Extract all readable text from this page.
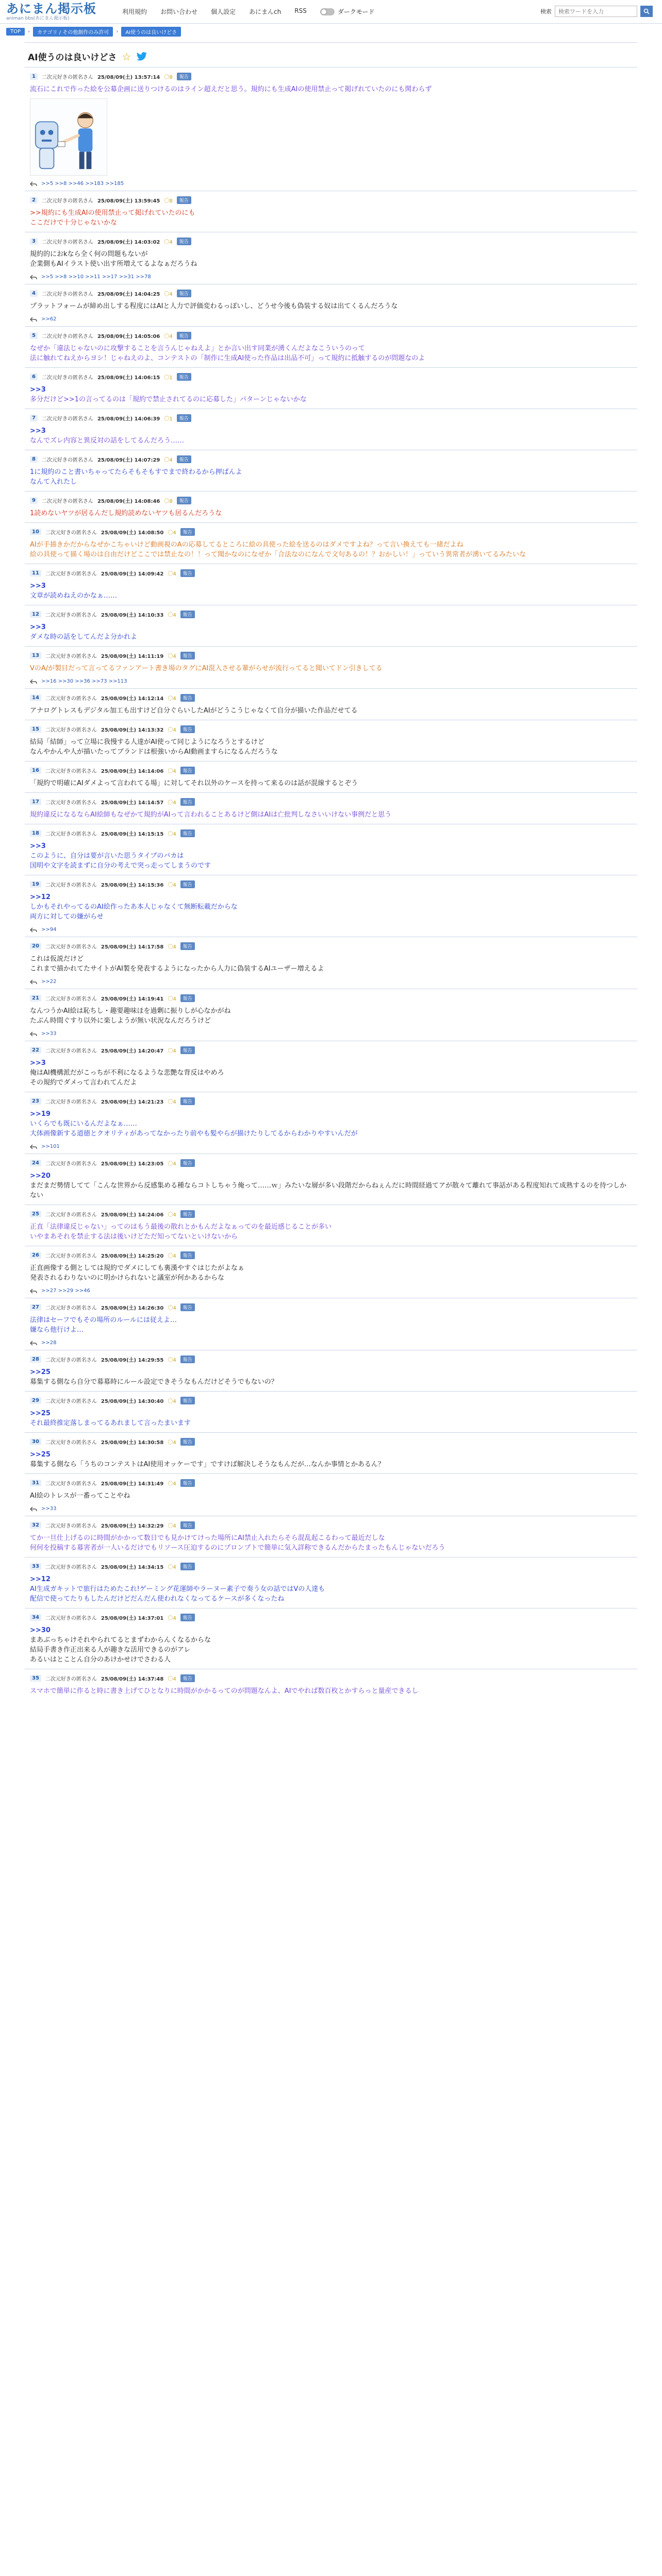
あにまん掲示板
animan bbs(あにまん掲示板)
利用規約 お問い合わせ 個人設定 あにまんch RSS	ダークモード	検索
検索ワードを入力
TOP	›	カテゴリ / その他創作のみ許可	›	AI使うのは良いけどさ
AI使うのは良いけどさ ☆
1	二次元好きの匿名さん 25/08/09(土) 13:57:14 〇8	報告
流石にこれで作った絵を公募企画に送りつけるのはライン超えだと思う。規約にも生成AIの使用禁止って掲げれていたのにも関わらず
>>5 >>8 >>46 >>183 >>185
2	二次元好きの匿名さん 25/08/09(土) 13:59:45 〇8	報告
>>規約にも生成AIの使用禁止って掲げれていたのにも
ここだけで十分じゃないかな
3	二次元好きの匿名さん 25/08/09(土) 14:03:02 〇4	報告
規約的におkなら全く何の問題もないが
企業側もAIイラスト使い出す所増えてるよなぁだろうね
>>5 >>8 >>10 >>11 >>17 >>31 >>78
4	二次元好きの匿名さん 25/08/09(土) 14:04:25 〇4	報告
プラットフォームが締め出しする程度にはAIと人力で評価変わるっぽいし、どうせ今後も偽装する奴は出てくるんだろうな
>>62
5	二次元好きの匿名さん 25/08/09(土) 14:05:06 〇4	報告
なぜか「違法じゃないのに攻撃することを言うんじゃねえよ」とか言い出す同業が湧くんだよなこういうのって
法に触れてねえからヨシ！じゃねえのよ、コンテストの「制作に生成AI使った作品は出品不可」って規約に抵触するのが問題なのよ
6	二次元好きの匿名さん 25/08/09(土) 14:06:15 〇1	報告
>>3
多分だけど>>1の言ってるのは「規約で禁止されてるのに応募した」パターンじゃないかな
7	二次元好きの匿名さん 25/08/09(土) 14:06:39 〇1	報告
>>3
なんでズレ内容と異反対の話をしてるんだろう……
8	二次元好きの匿名さん 25/08/09(土) 14:07:29 〇4	報告
1に規約のこと書いちゃってたらそもそもすでまで終わるから押ばんよ
なんて入れたし
9	二次元好きの匿名さん 25/08/09(土) 14:08:46 〇8	報告
1読めないヤツが居るんだし規約読めないヤツも居るんだろうな
10	二次元好きの匿名さん 25/08/09(土) 14:08:50 〇4	報告
AIが手描きかだからなぜかこちゃいけど動画視のAの応募してるところに絵の具使った絵を送るのはダメですよね？って言い換えても一緒だよね
絵の具使って描く場のは自由だけどここでは禁止なの！！って聞かなのになぜか「合法なのになんで文句あるの！？おかしい！」っていう異常者が湧いてるみたいな
11	二次元好きの匿名さん 25/08/09(土) 14:09:42 〇4	報告
>>3
文章が読めねえのかなぁ……
12	二次元好きの匿名さん 25/08/09(土) 14:10:33 〇4	報告
>>3
ダメな時の話をしてんだよ分かれよ
13	二次元好きの匿名さん 25/08/09(土) 14:11:19 〇4	報告
VのA/が製目だって言ってるファンアート書き場のタグにAI混入させる輩がらせが流行ってると聞いてドン引きしてる
>>16 >>30 >>36 >>73 >>113
14	二次元好きの匿名さん 25/08/09(土) 14:12:14 〇4	報告
アナログトレスもデジタル加工も出すけど自分ぐらいしたAIがどうこうじゃなくて自分が描いた作品だせてる
15	二次元好きの匿名さん 25/08/09(土) 14:13:32 〇4	報告
結局「結師」って立場に我慢する人達がAI使って同じようになろうとするけど
なんやかんや人が描いたってブランドは根強いからAI動画ますらになるんだろうな
16	二次元好きの匿名さん 25/08/09(土) 14:14:06 〇4	報告
「規約で明確にAIダメよって言われてる場」に対してそれ以外のケースを持って来るのは話が混線するとぞう
17	二次元好きの匿名さん 25/08/09(土) 14:14:57 〇4	報告
規約違反になるならAI絵師もなぜかて規約がAIって言われることあるけど側はAIは亡批判しなさいいけない事例だと思う
18	二次元好きの匿名さん 25/08/09(土) 14:15:15 〇4	報告
>>3
このように、自分は要が言いた思うタイプのバカは
国明や文字を読まずに自分の考えで突っ走ってしまうのです
19	二次元好きの匿名さん 25/08/09(土) 14:15:36 〇4	報告
>>12
しかもそれやってるのAI絵作ったあ本人じゃなくて無断転載だからな
両方に対しての嫌がらせ
>>94
20	二次元好きの匿名さん 25/08/09(土) 14:17:58 〇4	報告
これは仮説だけど
これまで描かれてたサイトがAI製を発表するようになったから人力に偽装するAIユーザー増えるよ
>>22
21	二次元好きの匿名さん 25/08/09(土) 14:19:41 〇4	報告
なんつうかAI絵は恥ちし・趣要趣味ほを過剰に振りしが心なかがね
たぶん時間ぐすり以外に楽しようが無い状況なんだろうけど
>>33
22	二次元好きの匿名さん 25/08/09(土) 14:20:47 〇4	報告
>>3
俺はAI機構派だがこっちが不利になるような悲艶な背反はやめろ
その規約でダメって言われてんだよ
23	二次元好きの匿名さん 25/08/09(土) 14:21:23 〇4	報告
>>19
いくらでも既にいるんだよなぁ……
大体画像新する道徳とクオリティがあってなかったり前やも髪やらが描けたりしてるからわかりやすいんだが
>>101
24	二次元好きの匿名さん 25/08/09(土) 14:23:05 〇4	報告
>>20
まだまだ勢情してて「こんな世界から反感集める種ならコトしちゃう俺って……ｗ」みたいな層が多い段階だからねぇんだに時間経過てアが散々て離れて事話がある程度知れて成熟するのを待つしかない
25	二次元好きの匿名さん 25/08/09(土) 14:24:06 〇4	報告
正直「法律違反じゃない」ってのはもう最後の散れとかもんだよなぁってのを最近感じることが多い
いやまあそれを禁止する法は後いけどただ知ってないといけないから
26	二次元好きの匿名さん 25/08/09(土) 14:25:20 〇4	報告
正直画像する側としては規約でダメにしても裏漢やすぐはじたがよなぁ
発表されるわりないのに明かけられないと議室が何かあるからな
>>27 >>29 >>46
27	二次元好きの匿名さん 25/08/09(土) 14:26:30 〇4	報告
法律はセーフでもその場所のルールには従えよ…
嫌なら他行けよ…
>>28
28	二次元好きの匿名さん 25/08/09(土) 14:29:55 〇4	報告
>>25
募集する側なら自分で募募時にルール設定できそうなもんだけどそうでもないの？
29	二次元好きの匿名さん 25/08/09(土) 14:30:40 〇4	報告
>>25
それ最終推定落しまってるあれまして言ったまいます
30	二次元好きの匿名さん 25/08/09(土) 14:30:58 〇4	報告
>>25
募集する側なら「うちのコンテストはAI使用オッケーです」ですけば解決しそうなもんだが…なんか事情とかあるん？
31	二次元好きの匿名さん 25/08/09(土) 14:31:49 〇4	報告
AI絵のトレスが一番ってことやね
>>33
32	二次元好きの匿名さん 25/08/09(土) 14:32:29 〇4	報告
てか一旦仕上げるのに時間がかかって数日でも見かけてけった場所にAI禁止入れたらそら混乱起こるわって最近だしな
何何を投稿する募害者が一人いるだけでもリソース圧迫するのにプロンプトで簡単に気入詳称できるんだからたまったもんじゃないだろう
33	二次元好きの匿名さん 25/08/09(土) 14:34:15 〇4	報告
>>12
AI生成ガキットで旅行はためたこれ!ゲーミング花運師やラーヌー素子で奏う女の話ではVの人達も
配信で使ってたりもしたんだけどだんだん使われなくなってるケースが多くなったね
34	二次元好きの匿名さん 25/08/09(土) 14:37:01 〇4	報告
>>30
まあぶっちゃけそれやられてるとまずわからんくなるからな
結局手書き作正出来る人が趣きな活用できるのがアレ
あるいはとことん自分のあけかせけでさわる人
35	二次元好きの匿名さん 25/08/09(土) 14:37:48 〇4	報告
スマホで簡単に作ると時に書き上げてひとなりに時間がかかるってのが問題なんよ、AIでやれば数百枚とかすらっと量産できるし
